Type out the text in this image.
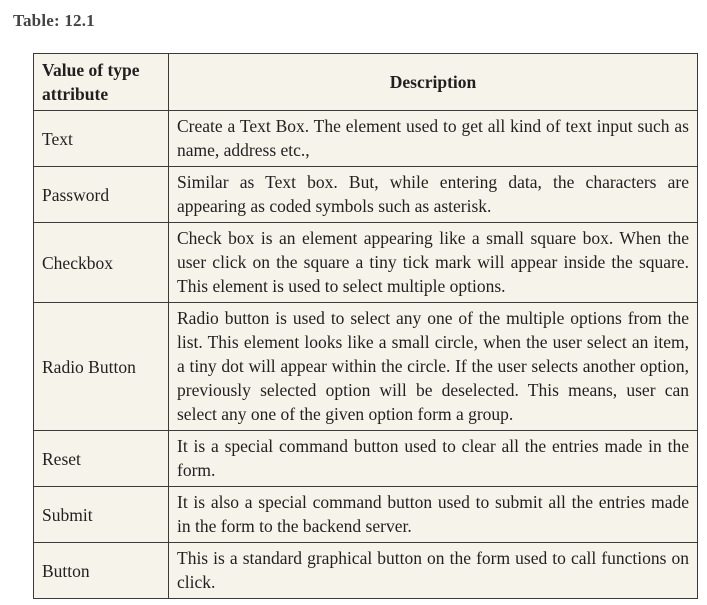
Table: 12.1
Value of type attribute	Description
Text	Create a Text Box. The element used to get all kind of text input such as name, address etc.,
Password	Similar as Text box. But, while entering data, the characters are appearing as coded symbols such as asterisk.
Checkbox	Check box is an element appearing like a small square box. When the user click on the square a tiny tick mark will appear inside the square. This element is used to select multiple options.
Radio Button	Radio button is used to select any one of the multiple options from the list. This element looks like a small circle, when the user select an item, a tiny dot will appear within the circle. If the user selects another option, previously selected option will be deselected. This means, user can select any one of the given option form a group.
Reset	It is a special command button used to clear all the entries made in the form.
Submit	It is also a special command button used to submit all the entries made in the form to the backend server.
Button	This is a standard graphical button on the form used to call functions on click.
